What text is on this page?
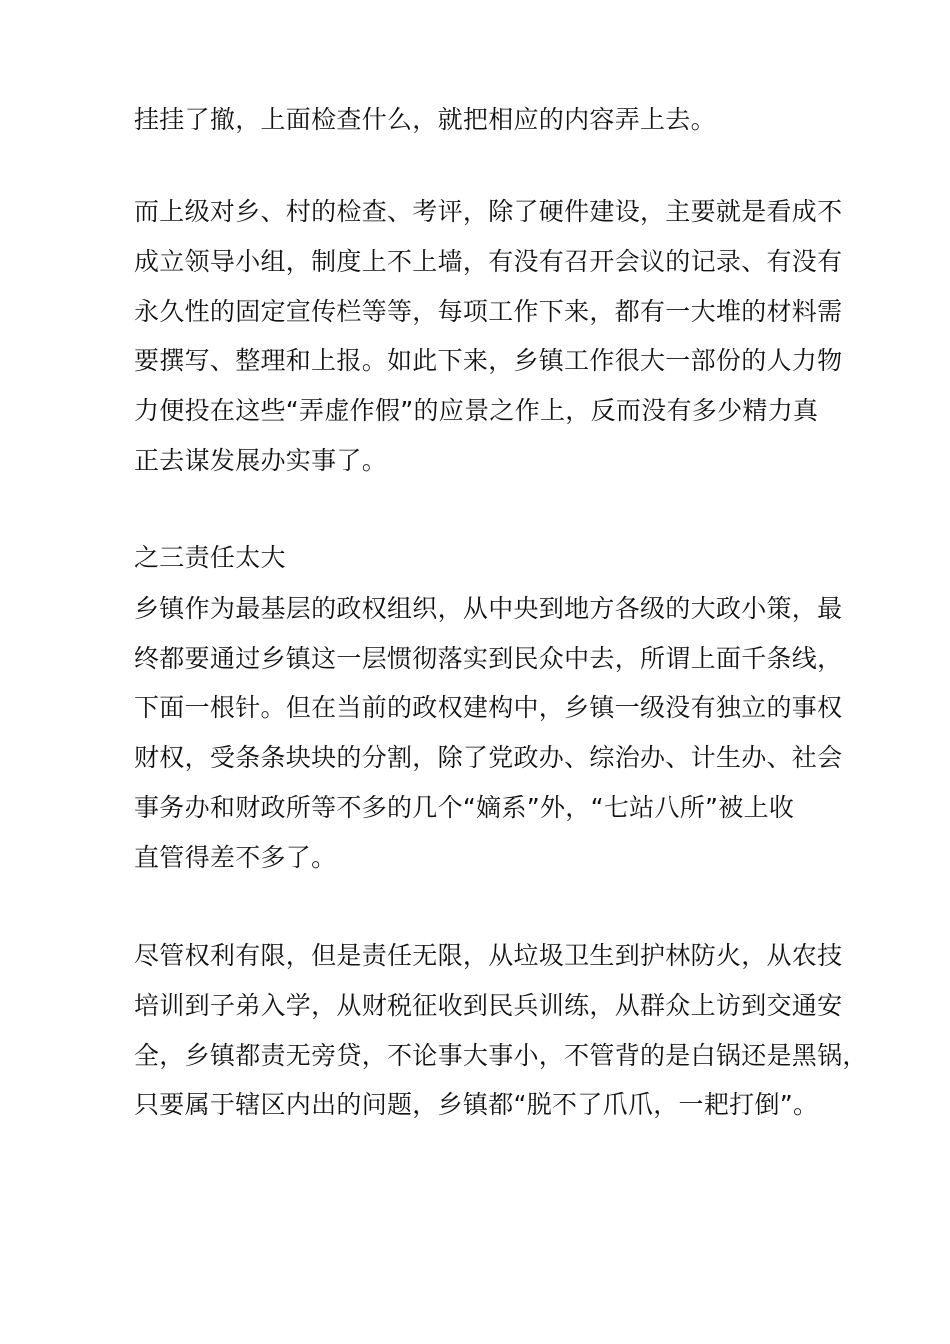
挂挂了撤，上面检查什么，就把相应的内容弄上去。
而上级对乡、村的检查、考评，除了硬件建设，主要就是看成不
成立领导小组，制度上不上墙，有没有召开会议的记录、有没有
永久性的固定宣传栏等等，每项工作下来，都有一大堆的材料需
要撰写、整理和上报。如此下来，乡镇工作很大一部份的人力物
力便投在这些“弄虚作假”的应景之作上，反而没有多少精力真
正去谋发展办实事了。
之三责任太大
乡镇作为最基层的政权组织，从中央到地方各级的大政小策，最
终都要通过乡镇这一层惯彻落实到民众中去，所谓上面千条线，
下面一根针。但在当前的政权建构中，乡镇一级没有独立的事权
财权，受条条块块的分割，除了党政办、综治办、计生办、社会
事务办和财政所等不多的几个“嫡系”外，“七站八所”被上收
直管得差不多了。
尽管权利有限，但是责任无限，从垃圾卫生到护林防火，从农技
培训到子弟入学，从财税征收到民兵训练，从群众上访到交通安
全，乡镇都责无旁贷，不论事大事小，不管背的是白锅还是黑锅，
只要属于辖区内出的问题，乡镇都“脱不了爪爪，一耙打倒”。
